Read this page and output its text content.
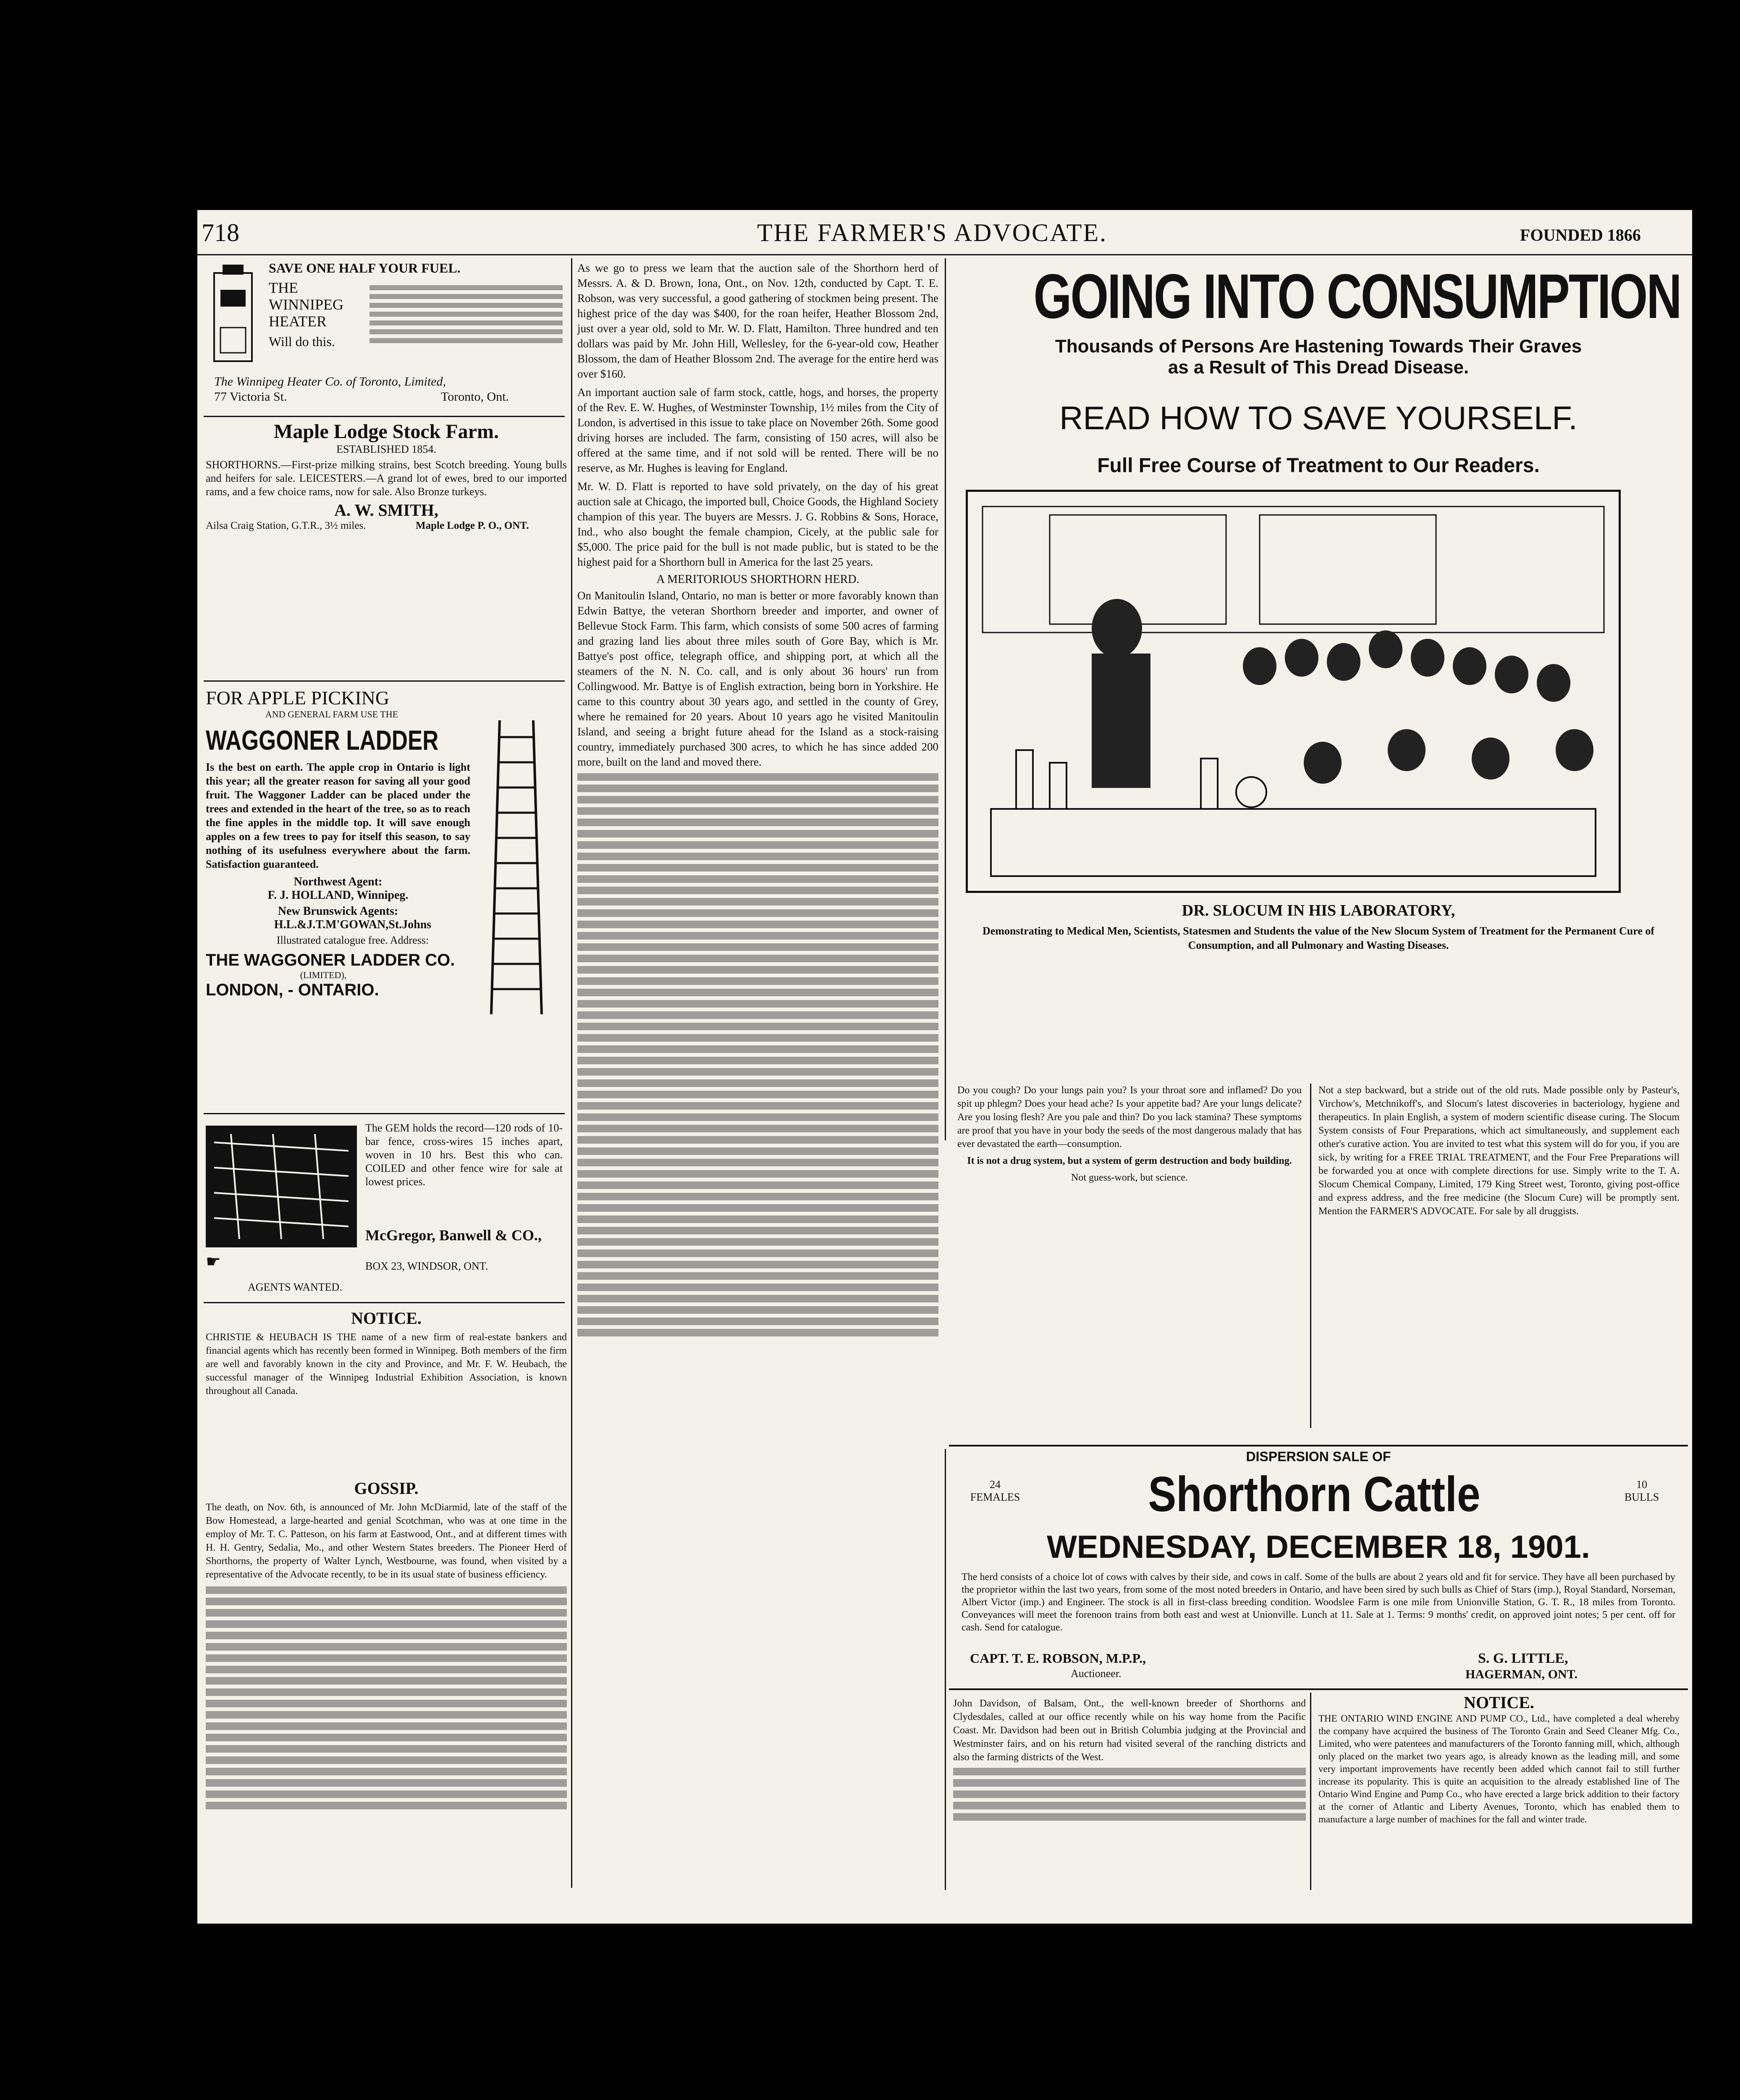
718	THE FARMER'S ADVOCATE.	FOUNDED 1866
SAVE ONE HALF YOUR FUEL.
THE WINNIPEG HEATER
Will do this.
The Winnipeg Heater Co. of Toronto, Limited,
77 Victoria St.	Toronto, Ont.
Maple Lodge Stock Farm.
ESTABLISHED 1854.
SHORTHORNS.—First-prize milking strains, best Scotch breeding. Young bulls and heifers for sale. LEICESTERS.—A grand lot of ewes, bred to our imported rams, and a few choice rams, now for sale. Also Bronze turkeys.
A. W. SMITH,
Ailsa Craig Station, G.T.R., 3½ miles.	Maple Lodge P. O., ONT.
FOR APPLE PICKING
AND GENERAL FARM USE THE
WAGGONER LADDER
Is the best on earth. The apple crop in Ontario is light this year; all the greater reason for saving all your good fruit. The Waggoner Ladder can be placed under the trees and extended in the heart of the tree, so as to reach the fine apples in the middle top. It will save enough apples on a few trees to pay for itself this season, to say nothing of its usefulness everywhere about the farm. Satisfaction guaranteed.
Northwest Agent:
F. J. HOLLAND, Winnipeg.
New Brunswick Agents:
H.L.&J.T.M'GOWAN,St.Johns
Illustrated catalogue free. Address:
THE WAGGONER LADDER CO.
(LIMITED),
LONDON, - ONTARIO.
The GEM holds the record—120 rods of 10-bar fence, cross-wires 15 inches apart, woven in 10 hrs. Best this who can. COILED and other fence wire for sale at lowest prices.
McGregor, Banwell & CO.,
BOX 23, WINDSOR, ONT.
☛
AGENTS WANTED.
NOTICE.
CHRISTIE & HEUBACH IS THE name of a new firm of real-estate bankers and financial agents which has recently been formed in Winnipeg. Both members of the firm are well and favorably known in the city and Province, and Mr. F. W. Heubach, the successful manager of the Winnipeg Industrial Exhibition Association, is known throughout all Canada.
GOSSIP.
The death, on Nov. 6th, is announced of Mr. John McDiarmid, late of the staff of the Bow Homestead, a large-hearted and genial Scotchman, who was at one time in the employ of Mr. T. C. Patteson, on his farm at Eastwood, Ont., and at different times with H. H. Gentry, Sedalia, Mo., and other Western States breeders. The Pioneer Herd of Shorthorns, the property of Walter Lynch, Westbourne, was found, when visited by a representative of the Advocate recently, to be in its usual state of business efficiency.

As we go to press we learn that the auction sale of the Shorthorn herd of Messrs. A. & D. Brown, Iona, Ont., on Nov. 12th, conducted by Capt. T. E. Robson, was very successful, a good gathering of stockmen being present. The highest price of the day was $400, for the roan heifer, Heather Blossom 2nd, just over a year old, sold to Mr. W. D. Flatt, Hamilton. Three hundred and ten dollars was paid by Mr. John Hill, Wellesley, for the 6-year-old cow, Heather Blossom, the dam of Heather Blossom 2nd. The average for the entire herd was over $160.

An important auction sale of farm stock, cattle, hogs, and horses, the property of the Rev. E. W. Hughes, of Westminster Township, 1½ miles from the City of London, is advertised in this issue to take place on November 26th. Some good driving horses are included. The farm, consisting of 150 acres, will also be offered at the same time, and if not sold will be rented. There will be no reserve, as Mr. Hughes is leaving for England.

Mr. W. D. Flatt is reported to have sold privately, on the day of his great auction sale at Chicago, the imported bull, Choice Goods, the Highland Society champion of this year. The buyers are Messrs. J. G. Robbins & Sons, Horace, Ind., who also bought the female champion, Cicely, at the public sale for $5,000. The price paid for the bull is not made public, but is stated to be the highest paid for a Shorthorn bull in America for the last 25 years.

A MERITORIOUS SHORTHORN HERD.

On Manitoulin Island, Ontario, no man is better or more favorably known than Edwin Battye, the veteran Shorthorn breeder and importer, and owner of Bellevue Stock Farm. This farm, which consists of some 500 acres of farming and grazing land lies about three miles south of Gore Bay, which is Mr. Battye's post office, telegraph office, and shipping port, at which all the steamers of the N. N. Co. call, and is only about 36 hours' run from Collingwood. Mr. Battye is of English extraction, being born in Yorkshire. He came to this country about 30 years ago, and settled in the county of Grey, where he remained for 20 years. About 10 years ago he visited Manitoulin Island, and seeing a bright future ahead for the Island as a stock-raising country, immediately purchased 300 acres, to which he has since added 200 more, built on the land and moved there.

GOING INTO CONSUMPTION
Thousands of Persons Are Hastening Towards Their Graves
as a Result of This Dread Disease.
READ HOW TO SAVE YOURSELF.
Full Free Course of Treatment to Our Readers.
DR. SLOCUM IN HIS LABORATORY,
Demonstrating to Medical Men, Scientists, Statesmen and Students the value of the New Slocum System of Treatment for the Permanent Cure of Consumption, and all Pulmonary and Wasting Diseases.

Do you cough? Do your lungs pain you? Is your throat sore and inflamed? Do you spit up phlegm? Does your head ache? Is your appetite bad? Are your lungs delicate? Are you losing flesh? Are you pale and thin? Do you lack stamina? These symptoms are proof that you have in your body the seeds of the most dangerous malady that has ever devastated the earth—consumption.

It is not a drug system, but a system of germ destruction and body building.

Not guess-work, but science.

Not a step backward, but a stride out of the old ruts. Made possible only by Pasteur's, Virchow's, Metchnikoff's, and Slocum's latest discoveries in bacteriology, hygiene and therapeutics. In plain English, a system of modern scientific disease curing. The Slocum System consists of Four Preparations, which act simultaneously, and supplement each other's curative action. You are invited to test what this system will do for you, if you are sick, by writing for a FREE TRIAL TREATMENT, and the Four Free Preparations will be forwarded you at once with complete directions for use. Simply write to the T. A. Slocum Chemical Company, Limited, 179 King Street west, Toronto, giving post-office and express address, and the free medicine (the Slocum Cure) will be promptly sent. Mention the FARMER'S ADVOCATE. For sale by all druggists.
DISPERSION SALE OF
24
FEMALES	Shorthorn Cattle	10
BULLS
WEDNESDAY, DECEMBER 18, 1901.
The herd consists of a choice lot of cows with calves by their side, and cows in calf. Some of the bulls are about 2 years old and fit for service. They have all been purchased by the proprietor within the last two years, from some of the most noted breeders in Ontario, and have been sired by such bulls as Chief of Stars (imp.), Royal Standard, Norseman, Albert Victor (imp.) and Engineer. The stock is all in first-class breeding condition. Woodslee Farm is one mile from Unionville Station, G. T. R., 18 miles from Toronto. Conveyances will meet the forenoon trains from both east and west at Unionville. Lunch at 11. Sale at 1. Terms: 9 months' credit, on approved joint notes; 5 per cent. off for cash. Send for catalogue.
CAPT. T. E. ROBSON, M.P.P.,
Auctioneer.
S. G. LITTLE,
HAGERMAN, ONT.

John Davidson, of Balsam, Ont., the well-known breeder of Shorthorns and Clydesdales, called at our office recently while on his way home from the Pacific Coast. Mr. Davidson had been out in British Columbia judging at the Provincial and Westminster fairs, and on his return had visited several of the ranching districts and also the farming districts of the West.

NOTICE.
THE ONTARIO WIND ENGINE AND PUMP CO., Ltd., have completed a deal whereby the company have acquired the business of The Toronto Grain and Seed Cleaner Mfg. Co., Limited, who were patentees and manufacturers of the Toronto fanning mill, which, although only placed on the market two years ago, is already known as the leading mill, and some very important improvements have recently been added which cannot fail to still further increase its popularity. This is quite an acquisition to the already established line of The Ontario Wind Engine and Pump Co., who have erected a large brick addition to their factory at the corner of Atlantic and Liberty Avenues, Toronto, which has enabled them to manufacture a large number of machines for the fall and winter trade.
